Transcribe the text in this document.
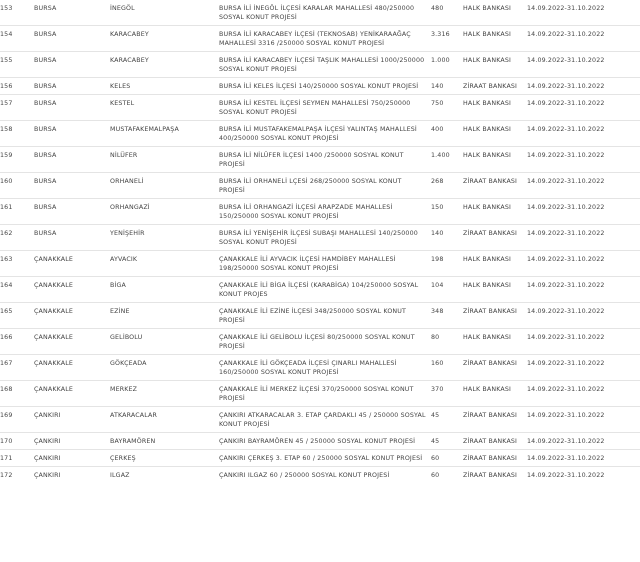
153	BURSA	İNEGÖL	BURSA İLİ İNEGÖL İLÇESİ KARALAR MAHALLESİ 480/250000 SOSYAL KONUT PROJESİ	480	HALK BANKASI	14.09.2022-31.10.2022
154	BURSA	KARACABEY	BURSA İLİ KARACABEY İLÇESİ (TEKNOSAB) YENİKARAAĞAÇ MAHALLESİ 3316 /250000 SOSYAL KONUT PROJESİ	3.316	HALK BANKASI	14.09.2022-31.10.2022
155	BURSA	KARACABEY	BURSA İLİ KARACABEY İLÇESİ TAŞLIK MAHALLESİ 1000/250000 SOSYAL KONUT PROJESİ	1.000	HALK BANKASI	14.09.2022-31.10.2022
156	BURSA	KELES	BURSA İLİ KELES İLÇESİ 140/250000 SOSYAL KONUT PROJESİ	140	ZİRAAT BANKASI	14.09.2022-31.10.2022
157	BURSA	KESTEL	BURSA İLİ KESTEL İLÇESİ SEYMEN MAHALLESİ 750/250000 SOSYAL KONUT PROJESİ	750	HALK BANKASI	14.09.2022-31.10.2022
158	BURSA	MUSTAFAKEMALPAŞA	BURSA İLİ MUSTAFAKEMALPAŞA İLÇESİ YALINTAŞ MAHALLESİ 400/250000 SOSYAL KONUT PROJESİ	400	HALK BANKASI	14.09.2022-31.10.2022
159	BURSA	NİLÜFER	BURSA İLİ NİLÜFER İLÇESİ 1400 /250000 SOSYAL KONUT PROJESİ	1.400	HALK BANKASI	14.09.2022-31.10.2022
160	BURSA	ORHANELİ	BURSA İLİ ORHANELİ LÇESİ 268/250000 SOSYAL KONUT PROJESİ	268	ZİRAAT BANKASI	14.09.2022-31.10.2022
161	BURSA	ORHANGAZİ	BURSA İLİ ORHANGAZİ İLÇESİ ARAPZADE MAHALLESİ 150/250000 SOSYAL KONUT PROJESİ	150	HALK BANKASI	14.09.2022-31.10.2022
162	BURSA	YENİŞEHİR	BURSA İLİ YENİŞEHİR İLÇESİ SUBAŞI MAHALLESİ 140/250000 SOSYAL KONUT PROJESİ	140	ZİRAAT BANKASI	14.09.2022-31.10.2022
163	ÇANAKKALE	AYVACIK	ÇANAKKALE İLİ AYVACIK İLÇESİ HAMDİBEY MAHALLESİ 198/250000 SOSYAL KONUT PROJESİ	198	HALK BANKASI	14.09.2022-31.10.2022
164	ÇANAKKALE	BİGA	ÇANAKKALE İLİ BİGA İLÇESİ (KARABİGA) 104/250000 SOSYAL KONUT PROJES	104	HALK BANKASI	14.09.2022-31.10.2022
165	ÇANAKKALE	EZİNE	ÇANAKKALE İLİ EZİNE İLÇESİ 348/250000 SOSYAL KONUT PROJESİ	348	ZİRAAT BANKASI	14.09.2022-31.10.2022
166	ÇANAKKALE	GELİBOLU	ÇANAKKALE İLİ GELİBOLU İLÇESİ 80/250000 SOSYAL KONUT PROJESİ	80	HALK BANKASI	14.09.2022-31.10.2022
167	ÇANAKKALE	GÖKÇEADA	ÇANAKKALE İLİ GÖKÇEADA İLÇESİ ÇINARLI MAHALLESİ 160/250000 SOSYAL KONUT PROJESİ	160	ZİRAAT BANKASI	14.09.2022-31.10.2022
168	ÇANAKKALE	MERKEZ	ÇANAKKALE İLİ MERKEZ İLÇESİ 370/250000 SOSYAL KONUT PROJESİ	370	HALK BANKASI	14.09.2022-31.10.2022
169	ÇANKIRI	ATKARACALAR	ÇANKIRI ATKARACALAR 3. ETAP ÇARDAKLI 45 / 250000 SOSYAL KONUT PROJESİ	45	ZİRAAT BANKASI	14.09.2022-31.10.2022
170	ÇANKIRI	BAYRAMÖREN	ÇANKIRI BAYRAMÖREN 45 / 250000 SOSYAL KONUT PROJESİ	45	ZİRAAT BANKASI	14.09.2022-31.10.2022
171	ÇANKIRI	ÇERKEŞ	ÇANKIRI ÇERKEŞ 3. ETAP 60 / 250000 SOSYAL KONUT PROJESİ	60	ZİRAAT BANKASI	14.09.2022-31.10.2022
172	ÇANKIRI	ILGAZ	ÇANKIRI ILGAZ 60 / 250000 SOSYAL KONUT PROJESİ	60	ZİRAAT BANKASI	14.09.2022-31.10.2022
